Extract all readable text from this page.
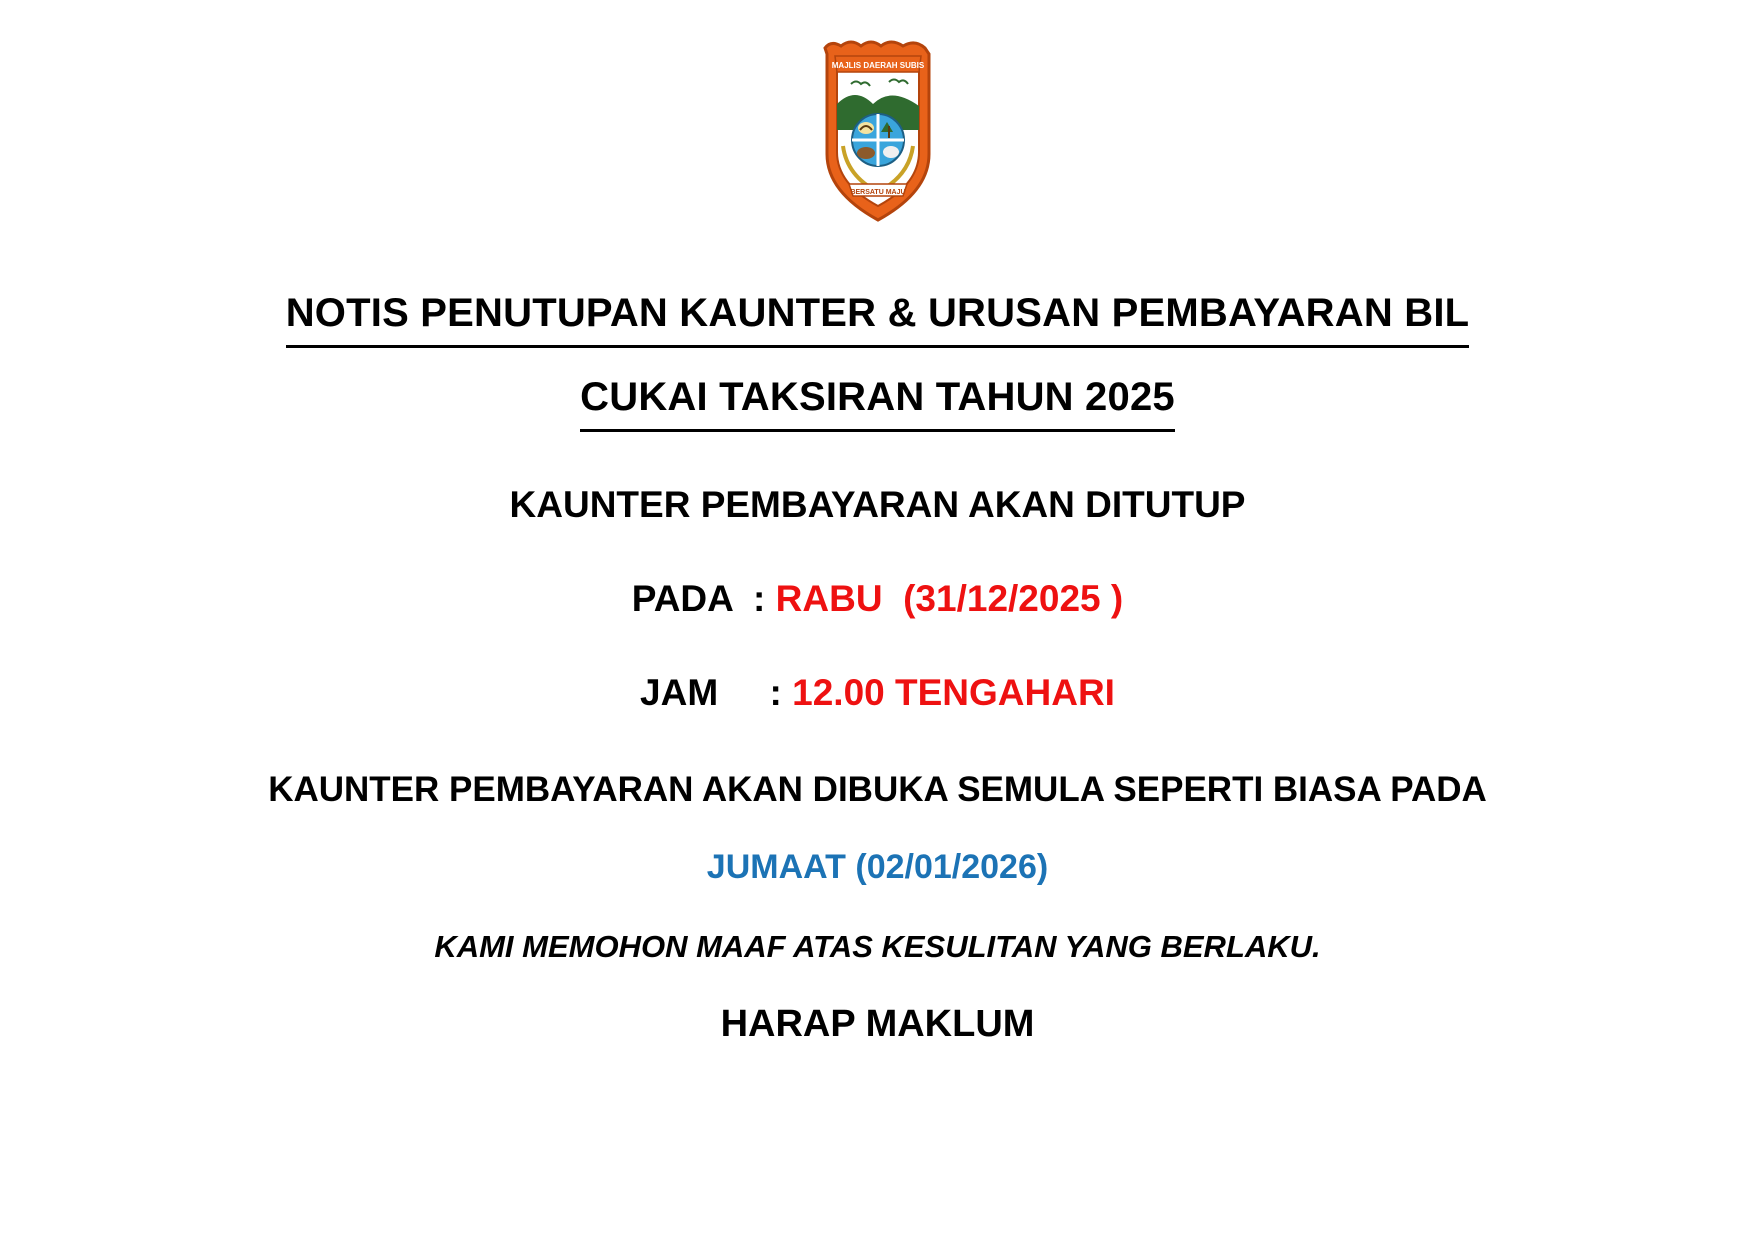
MAJLIS DAERAH SUBIS
BERSATU MAJU
NOTIS PENUTUPAN KAUNTER & URUSAN PEMBAYARAN BIL
CUKAI TAKSIRAN TAHUN 2025
KAUNTER PEMBAYARAN AKAN DITUTUP
PADA  : RABU  (31/12/2025 )
JAM     : 12.00 TENGAHARI
KAUNTER PEMBAYARAN AKAN DIBUKA SEMULA SEPERTI BIASA PADA
JUMAAT (02/01/2026)
KAMI MEMOHON MAAF ATAS KESULITAN YANG BERLAKU.
HARAP MAKLUM
